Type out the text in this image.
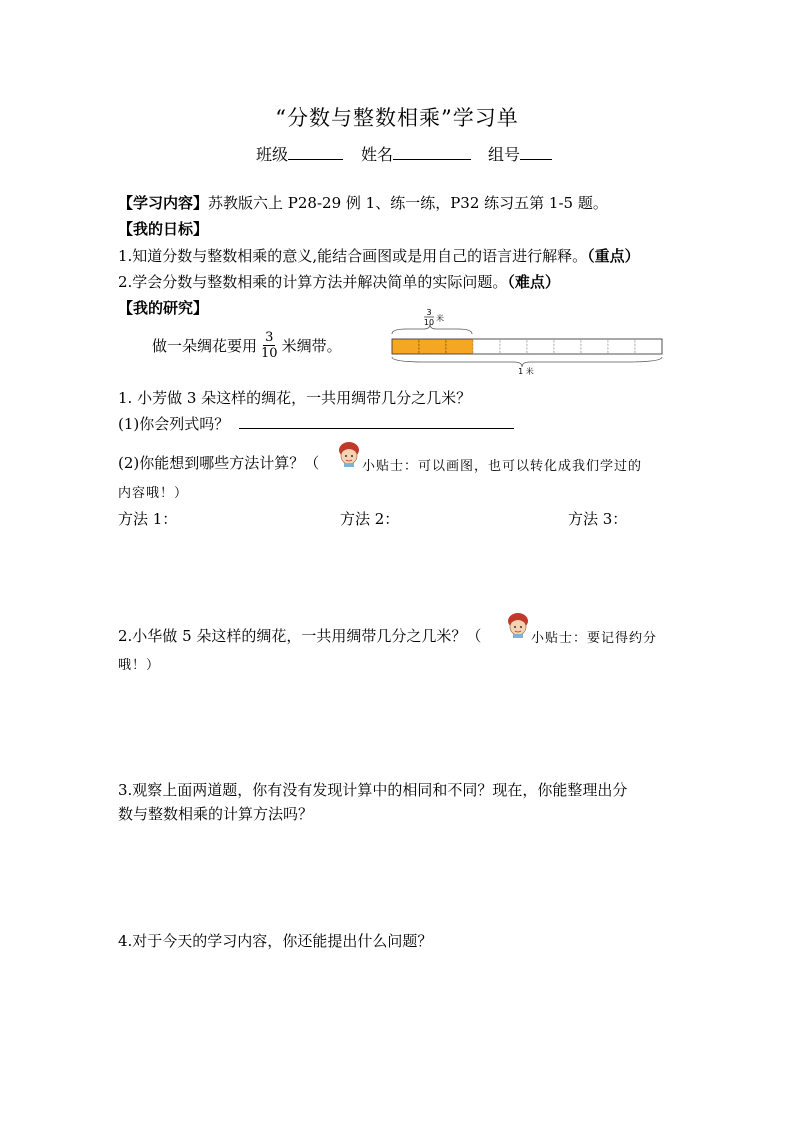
“分数与整数相乘”学习单
班级	姓名	组号
【学习内容】苏教版六上 P28-29 例 1、练一练，P32 练习五第 1-5 题。
【我的日标】
1.知道分数与整数相乘的意义,能结合画图或是用自己的语言进行解释。（重点）
2.学会分数与整数相乘的计算方法并解决简单的实际问题。（难点）
【我的研究】
做一朵绸花要用 $\frac{3}{10}$ 米绸带。
3
10 米
1 米
1. 小芳做 3 朵这样的绸花，一共用绸带几分之几米？
(1)你会列式吗？
(2)你能想到哪些方法计算？（	小贴士：可以画图，也可以转化成我们学过的
内容哦！）
方法 1：	方法 2：	方法 3：
2.小华做 5 朵这样的绸花，一共用绸带几分之几米？（	小贴士：要记得约分
哦！）
3.观察上面两道题，你有没有发现计算中的相同和不同？现在，你能整理出分
数与整数相乘的计算方法吗？
4.对于今天的学习内容，你还能提出什么问题？
